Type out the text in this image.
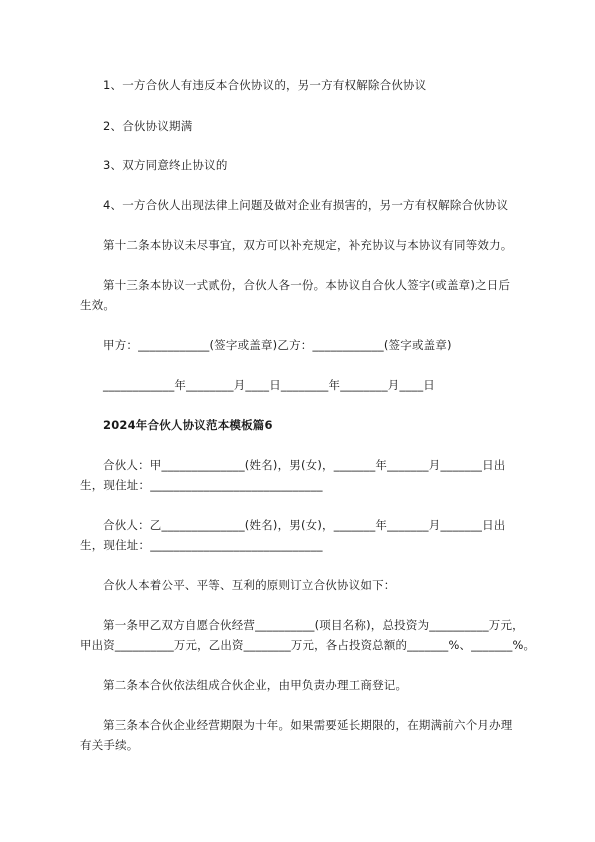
1、一方合伙人有违反本合伙协议的，另一方有权解除合伙协议
2、合伙协议期满
3、双方同意终止协议的
4、一方合伙人出现法律上问题及做对企业有损害的，另一方有权解除合伙协议
第十二条本协议未尽事宜，双方可以补充规定，补充协议与本协议有同等效力。
第十三条本协议一式贰份，合伙人各一份。本协议自合伙人签字(或盖章)之日后
生效。
甲方：____________(签字或盖章)乙方：____________(签字或盖章)
____________年________月____日________年________月____日
2024年合伙人协议范本模板篇6
合伙人：甲______________(姓名)，男(女)，_______年_______月_______日出
生，现住址：_____________________________
合伙人：乙______________(姓名)，男(女)，_______年_______月_______日出
生，现住址：_____________________________
合伙人本着公平、平等、互利的原则订立合伙协议如下：
第一条甲乙双方自愿合伙经营__________(项目名称)，总投资为__________万元，
甲出资__________万元，乙出资________万元，各占投资总额的_______%、_______%。
第二条本合伙依法组成合伙企业，由甲负责办理工商登记。
第三条本合伙企业经营期限为十年。如果需要延长期限的，在期满前六个月办理
有关手续。
